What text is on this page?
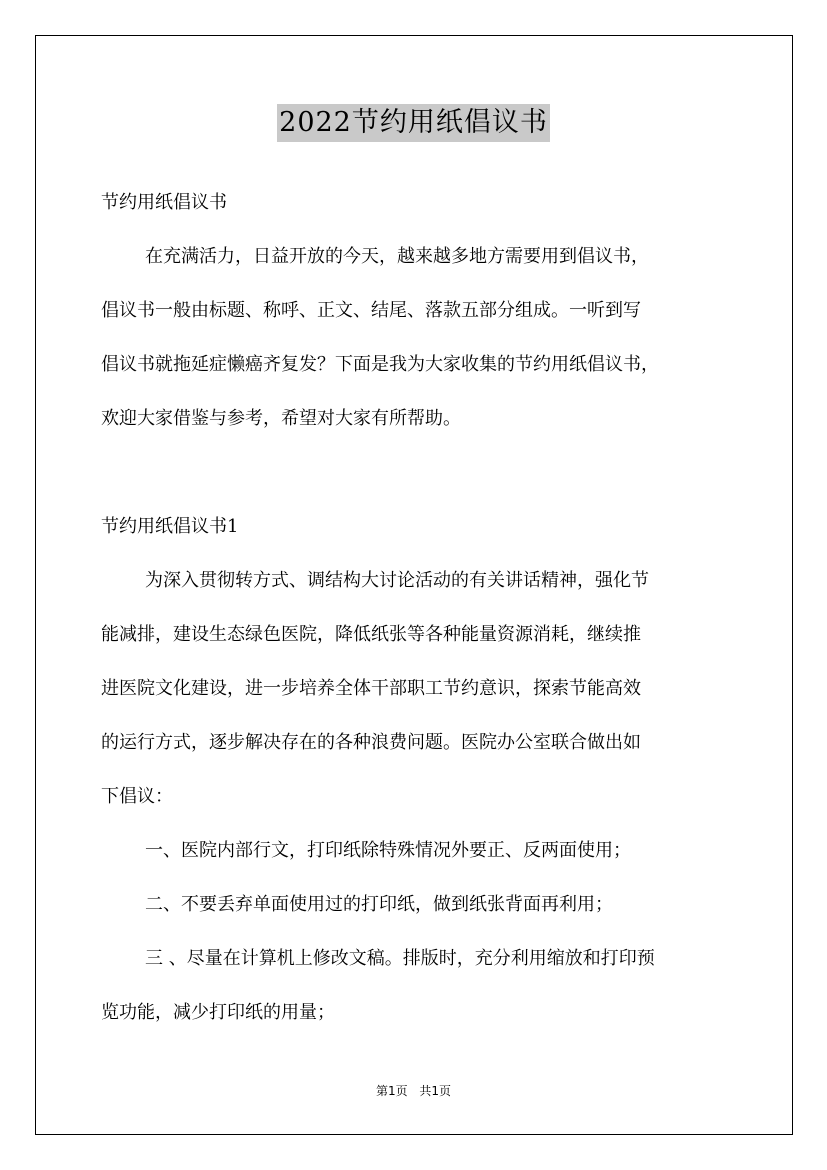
2022节约用纸倡议书
节约用纸倡议书
在充满活力，日益开放的今天，越来越多地方需要用到倡议书，
倡议书一般由标题、称呼、正文、结尾、落款五部分组成。一听到写
倡议书就拖延症懒癌齐复发？下面是我为大家收集的节约用纸倡议书，
欢迎大家借鉴与参考，希望对大家有所帮助。
节约用纸倡议书1
为深入贯彻转方式、调结构大讨论活动的有关讲话精神，强化节
能减排，建设生态绿色医院，降低纸张等各种能量资源消耗，继续推
进医院文化建设，进一步培养全体干部职工节约意识，探索节能高效
的运行方式，逐步解决存在的各种浪费问题。医院办公室联合做出如
下倡议：
一、医院内部行文，打印纸除特殊情况外要正、反两面使用；
二、不要丢弃单面使用过的打印纸，做到纸张背面再利用；
三 、尽量在计算机上修改文稿。排版时，充分利用缩放和打印预
览功能，减少打印纸的用量；
第1页 共1页
